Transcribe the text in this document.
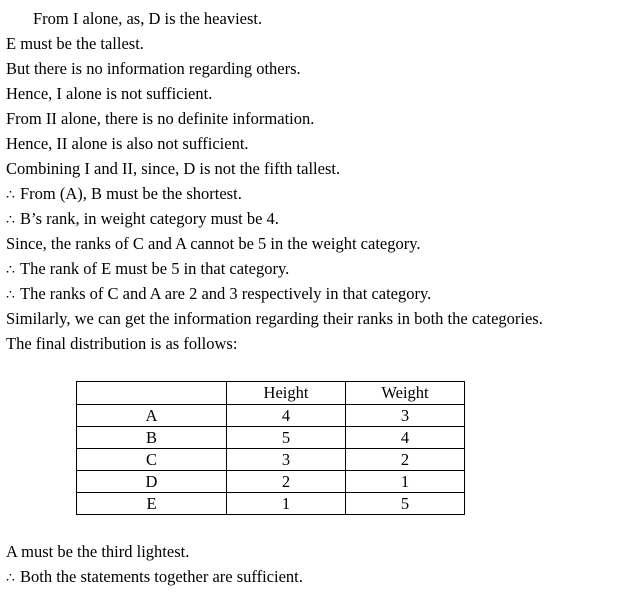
From I alone, as, D is the heaviest.
E must be the tallest.
But there is no information regarding others.
Hence, I alone is not sufficient.
From II alone, there is no definite information.
Hence, II alone is also not sufficient.
Combining I and II, since, D is not the fifth tallest.
∴ From (A), B must be the shortest.
∴ B’s rank, in weight category must be 4.
Since, the ranks of C and A cannot be 5 in the weight category.
∴ The rank of E must be 5 in that category.
∴ The ranks of C and A are 2 and 3 respectively in that category.
Similarly, we can get the information regarding their ranks in both the categories.
The final distribution is as follows:
	Height	Weight
A	4	3
B	5	4
C	3	2
D	2	1
E	1	5
A must be the third lightest.
∴ Both the statements together are sufficient.
